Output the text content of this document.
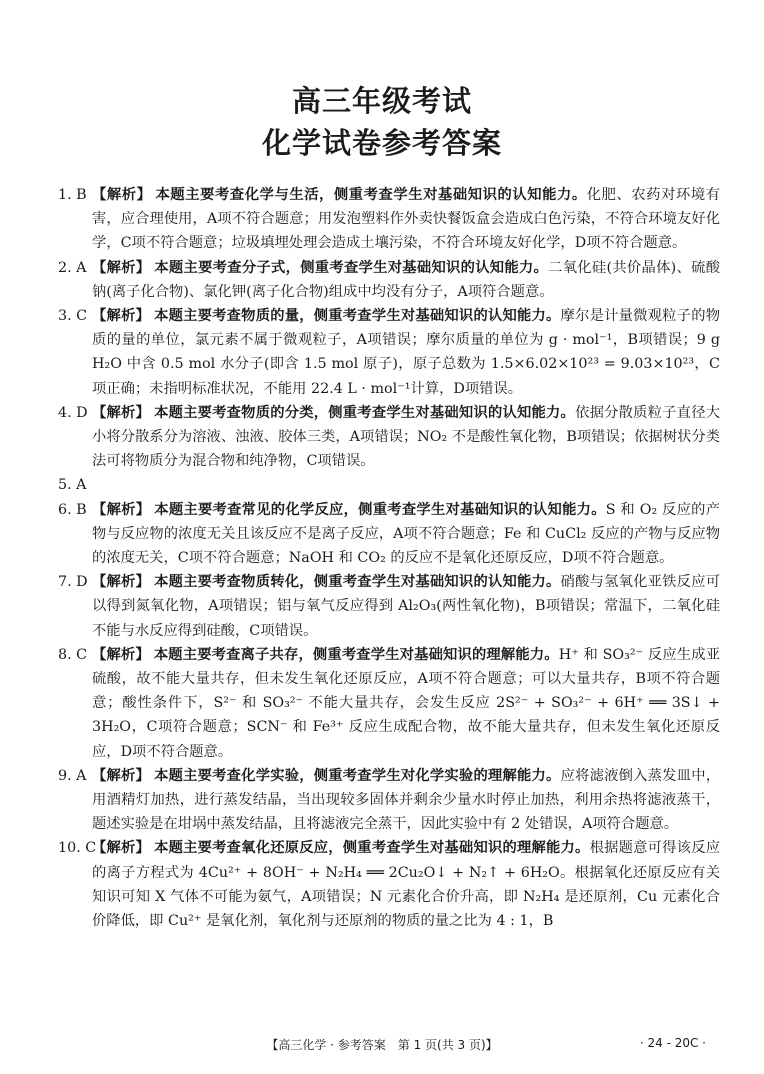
高三年级考试
化学试卷参考答案
1. B 【解析】 本题主要考查化学与生活，侧重考查学生对基础知识的认知能力。化肥、农药对环境有害，应合理使用，A项不符合题意；用发泡塑料作外卖快餐饭盒会造成白色污染，不符合环境友好化学，C项不符合题意；垃圾填埋处理会造成土壤污染，不符合环境友好化学，D项不符合题意。
2. A 【解析】 本题主要考查分子式，侧重考查学生对基础知识的认知能力。二氧化硅(共价晶体)、硫酸钠(离子化合物)、氯化钾(离子化合物)组成中均没有分子，A项符合题意。
3. C 【解析】 本题主要考查物质的量，侧重考查学生对基础知识的认知能力。摩尔是计量微观粒子的物质的量的单位，氯元素不属于微观粒子，A项错误；摩尔质量的单位为 g · mol⁻¹，B项错误；9 g H₂O 中含 0.5 mol 水分子(即含 1.5 mol 原子)，原子总数为 1.5×6.02×10²³ = 9.03×10²³，C项正确；未指明标准状况，不能用 22.4 L · mol⁻¹计算，D项错误。
4. D 【解析】 本题主要考查物质的分类，侧重考查学生对基础知识的认知能力。依据分散质粒子直径大小将分散系分为溶液、浊液、胶体三类，A项错误；NO₂ 不是酸性氧化物，B项错误；依据树状分类法可将物质分为混合物和纯净物，C项错误。
5. A
6. B 【解析】 本题主要考查常见的化学反应，侧重考查学生对基础知识的认知能力。S 和 O₂ 反应的产物与反应物的浓度无关且该反应不是离子反应，A项不符合题意；Fe 和 CuCl₂ 反应的产物与反应物的浓度无关，C项不符合题意；NaOH 和 CO₂ 的反应不是氧化还原反应，D项不符合题意。
7. D 【解析】 本题主要考查物质转化，侧重考查学生对基础知识的认知能力。硝酸与氢氧化亚铁反应可以得到氮氧化物，A项错误；铝与氧气反应得到 Al₂O₃(两性氧化物)，B项错误；常温下，二氧化硅不能与水反应得到硅酸，C项错误。
8. C 【解析】 本题主要考查离子共存，侧重考查学生对基础知识的理解能力。H⁺ 和 SO₃²⁻ 反应生成亚硫酸，故不能大量共存，但未发生氧化还原反应，A项不符合题意；可以大量共存，B项不符合题意；酸性条件下，S²⁻ 和 SO₃²⁻ 不能大量共存，会发生反应 2S²⁻ + SO₃²⁻ + 6H⁺ ══ 3S↓ + 3H₂O，C项符合题意；SCN⁻ 和 Fe³⁺ 反应生成配合物，故不能大量共存，但未发生氧化还原反应，D项不符合题意。
9. A 【解析】 本题主要考查化学实验，侧重考查学生对化学实验的理解能力。应将滤液倒入蒸发皿中，用酒精灯加热，进行蒸发结晶，当出现较多固体并剩余少量水时停止加热，利用余热将滤液蒸干，题述实验是在坩埚中蒸发结晶，且将滤液完全蒸干，因此实验中有 2 处错误，A项符合题意。
10. C
【解析】 本题主要考查氧化还原反应，侧重考查学生对基础知识的理解能力。根据题意可得该反应的离子方程式为 4Cu²⁺ + 8OH⁻ + N₂H₄ ══ 2Cu₂O↓ + N₂↑ + 6H₂O。根据氧化还原反应有关知识可知 X 气体不可能为氨气，A项错误；N 元素化合价升高，即 N₂H₄ 是还原剂，Cu 元素化合价降低，即 Cu²⁺ 是氧化剂，氧化剂与还原剂的物质的量之比为 4 : 1，B
【高三化学 · 参考答案　第 1 页(共 3 页)】	· 24 - 20C ·
